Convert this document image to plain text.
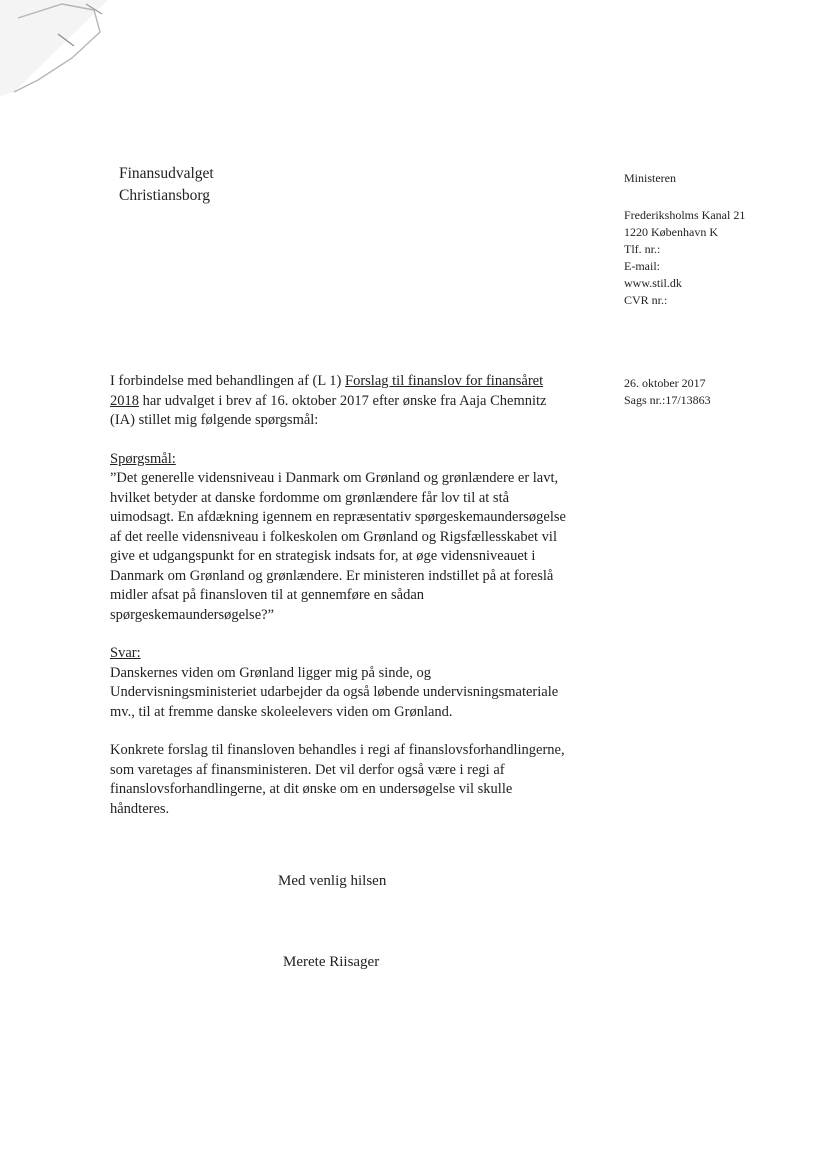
Finansudvalget
Christiansborg
Ministeren
Frederiksholms Kanal 21
1220 København K
Tlf. nr.:
E-mail:
www.stil.dk
CVR nr.:
26. oktober 2017
Sags nr.:17/13863

I forbindelse med behandlingen af (L 1) Forslag til finanslov for finansåret 2018 har udvalget i brev af 16. oktober 2017 efter ønske fra Aaja Chemnitz (IA) stillet mig følgende spørgsmål:

Spørgsmål:

”Det generelle vidensniveau i Danmark om Grønland og grønlændere er lavt, hvilket betyder at danske fordomme om grønlændere får lov til at stå uimodsagt. En afdækning igennem en repræsentativ spørgeskemaundersøgelse af det reelle vidensniveau i folkeskolen om Grønland og Rigsfællesskabet vil give et udgangspunkt for en strategisk indsats for, at øge vidensniveauet i Danmark om Grønland og grønlændere. Er ministeren indstillet på at foreslå midler afsat på finansloven til at gennemføre en sådan spørgeskemaundersøgelse?”

Svar:

Danskernes viden om Grønland ligger mig på sinde, og Undervisningsministeriet udarbejder da også løbende undervisningsmateriale mv., til at fremme danske skoleelevers viden om Grønland.

Konkrete forslag til finansloven behandles i regi af finanslovsforhandlingerne, som varetages af finansministeren. Det vil derfor også være i regi af finanslovsforhandlingerne, at dit ønske om en undersøgelse vil skulle håndteres.

Med venlig hilsen
Merete Riisager
